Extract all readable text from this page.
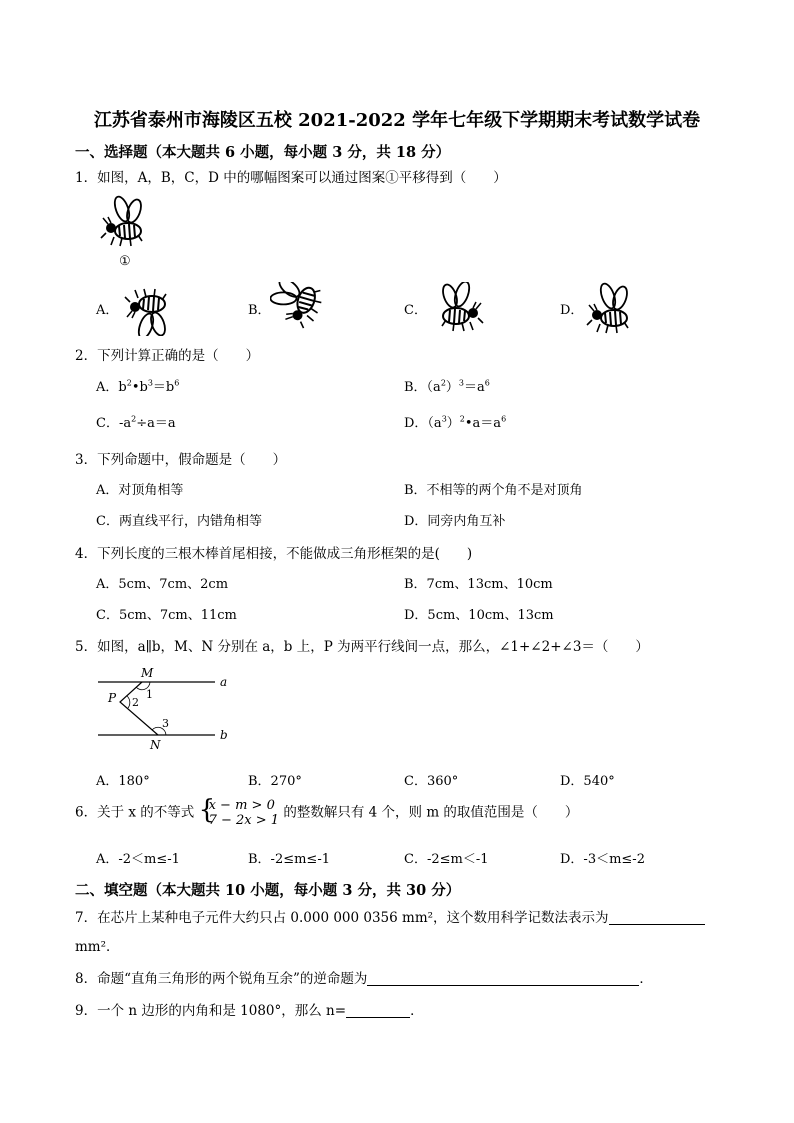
江苏省泰州市海陵区五校 2021-2022 学年七年级下学期期末考试数学试卷
一、选择题（本大题共 6 小题，每小题 3 分，共 18 分）
1．如图，A，B，C，D 中的哪幅图案可以通过图案①平移得到（　　）
①
A．	B．	C．	D．
2．下列计算正确的是（　　）
A．$b^2•b^3=b^6$	B．$(a^2)^3=a^6$
C．$-a^2\div a=a$	D．$(a^3)^2•a=a^6$
3．下列命题中，假命题是（　　）
A．对顶角相等	B．不相等的两个角不是对顶角
C．两直线平行，内错角相等	D．同旁内角互补
4．下列长度的三根木棒首尾相接，不能做成三角形框架的是(　　)
A．5cm、7cm、2cm	B．7cm、13cm、10cm
C．5cm、7cm、11cm	D．5cm、10cm、13cm
5．如图，a∥b，M、N 分别在 a，b 上，P 为两平行线间一点，那么，∠1+∠2+∠3＝（　　）
M
1
P 2
3
N
a
b
A．180°	B．270°	C．360°	D．540°
6．关于 x 的不等式 {
x − m > 0
7 − 2x > 1 的整数解只有 4 个，则 m 的取值范围是（　　）
A．-2＜m≤-1	B．-2≤m≤-1	C．-2≤m＜-1	D．-3＜m≤-2
二、填空题（本大题共 10 小题，每小题 3 分，共 30 分）
7．在芯片上某种电子元件大约只占 0.000 000 0356 mm²，这个数用科学记数法表示为
mm²．
8．命题“直角三角形的两个锐角互余”的逆命题为	．
9．一个 n 边形的内角和是 1080°，那么 n=	．
